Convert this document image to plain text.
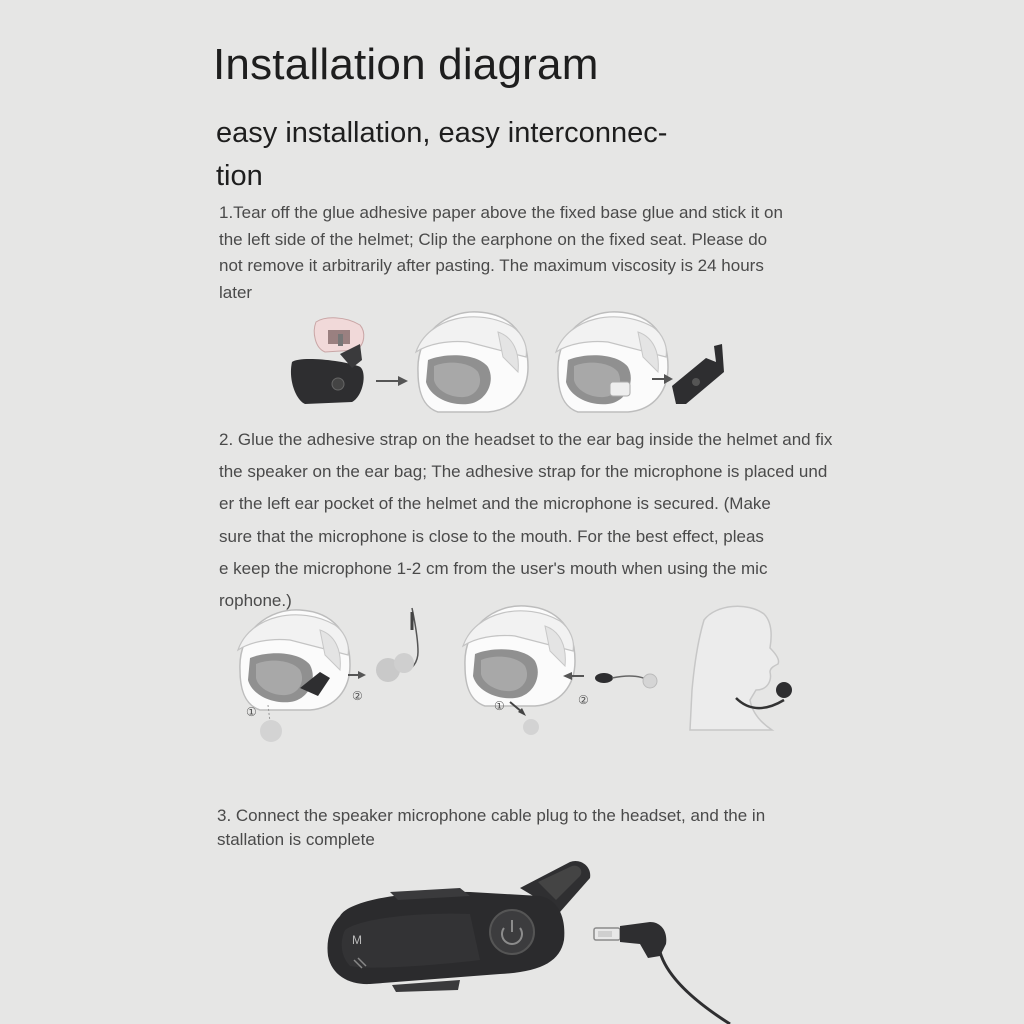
Installation diagram
easy installation, easy interconnec-
tion
1.Tear off the glue adhesive paper above the fixed base glue and stick it on
the left side of the helmet; Clip the earphone on the fixed seat. Please do
not remove it arbitrarily after pasting. The maximum viscosity is 24 hours
later
2. Glue the adhesive strap on the headset to the ear bag inside the helmet and fix
the speaker on the ear bag; The adhesive strap for the microphone is placed und
er the left ear pocket of the helmet and the microphone is secured. (Make
sure that the microphone is close to the mouth. For the best effect, pleas
e keep the microphone 1-2 cm from the user's mouth when using the mic
rophone.)
①
②
①	②
3. Connect the speaker microphone cable plug to the headset, and the in
stallation is complete
M
